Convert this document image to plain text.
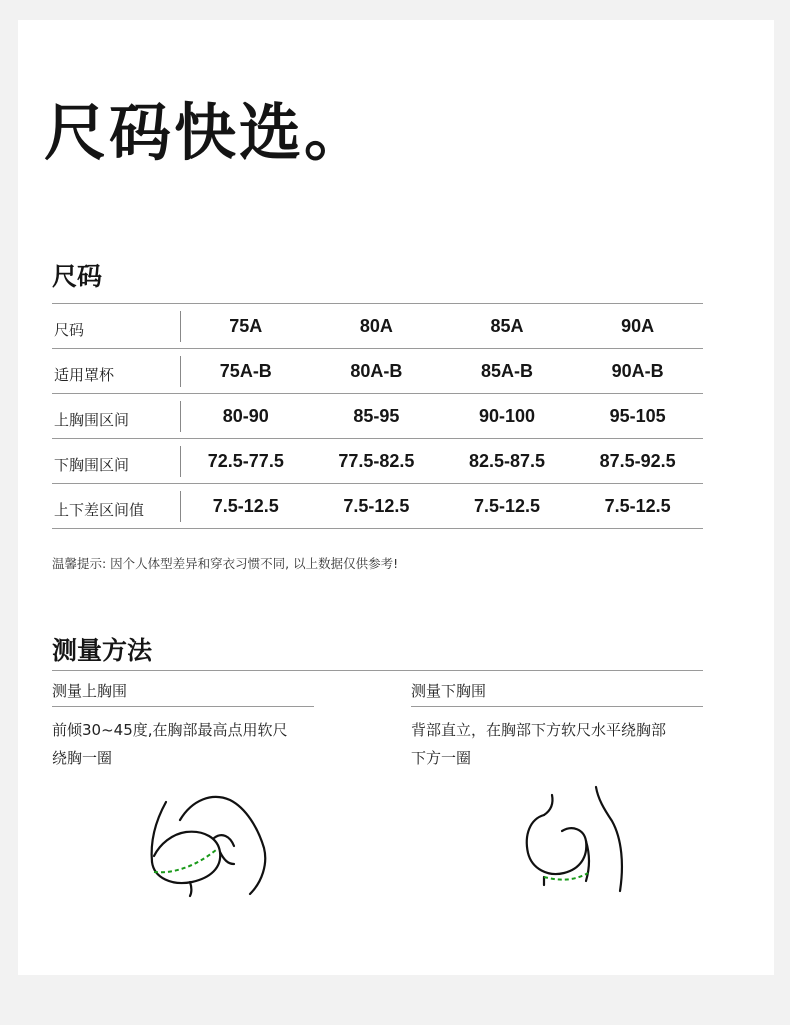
尺码快选。
尺码
尺码	75A	80A	85A	90A
适用罩杯	75A-B	80A-B	85A-B	90A-B
上胸围区间	80-90	85-95	90-100	95-105
下胸围区间	72.5-77.5	77.5-82.5	82.5-87.5	87.5-92.5
上下差区间值	7.5-12.5	7.5-12.5	7.5-12.5	7.5-12.5
温馨提示: 因个人体型差异和穿衣习惯不同, 以上数据仅供参考!
测量方法
测量上胸围
前倾30~45度,在胸部最高点用软尺
绕胸一圈
测量下胸围
背部直立，在胸部下方软尺水平绕胸部
下方一圈
